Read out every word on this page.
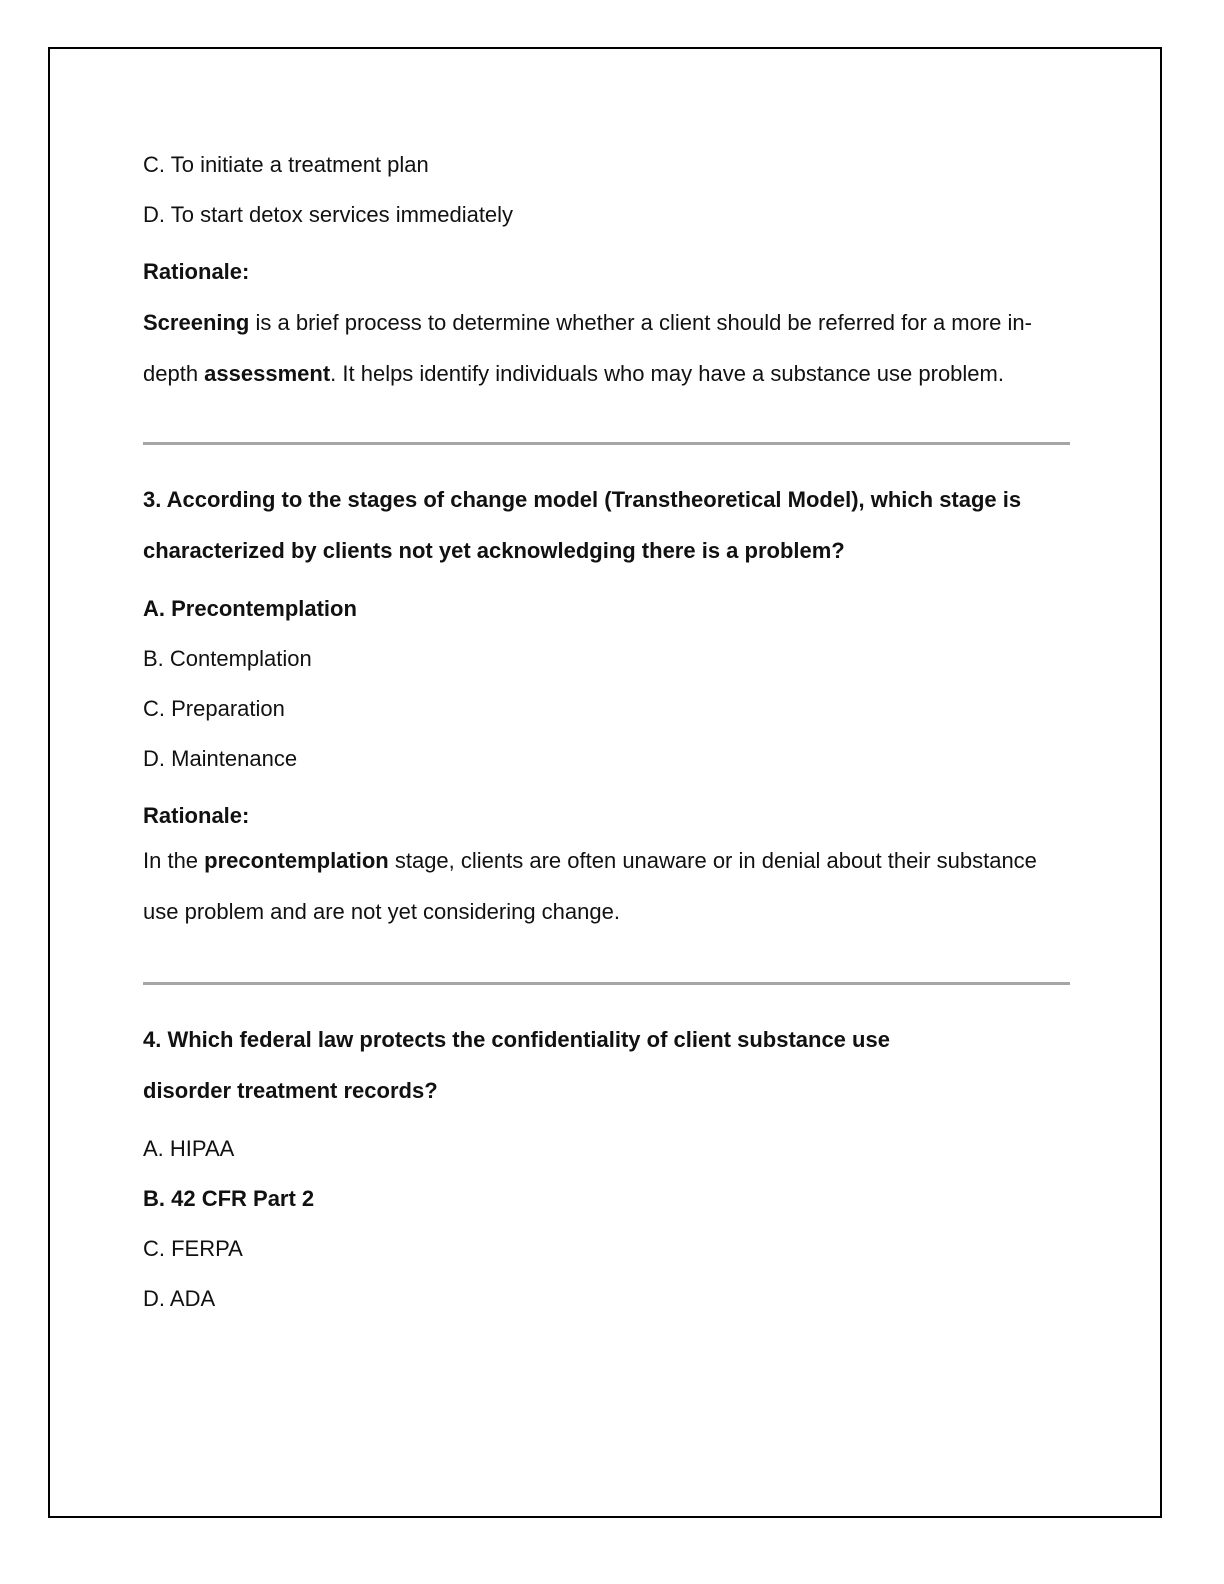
C. To initiate a treatment plan
D. To start detox services immediately
Rationale:
Screening is a brief process to determine whether a client should be referred for a more in-depth assessment. It helps identify individuals who may have a substance use problem.
3. According to the stages of change model (Transtheoretical Model), which stage is characterized by clients not yet acknowledging there is a problem?
A. Precontemplation
B. Contemplation
C. Preparation
D. Maintenance
Rationale:
In the precontemplation stage, clients are often unaware or in denial about their substance use problem and are not yet considering change.
4. Which federal law protects the confidentiality of client substance use disorder treatment records?
A. HIPAA
B. 42 CFR Part 2
C. FERPA
D. ADA
